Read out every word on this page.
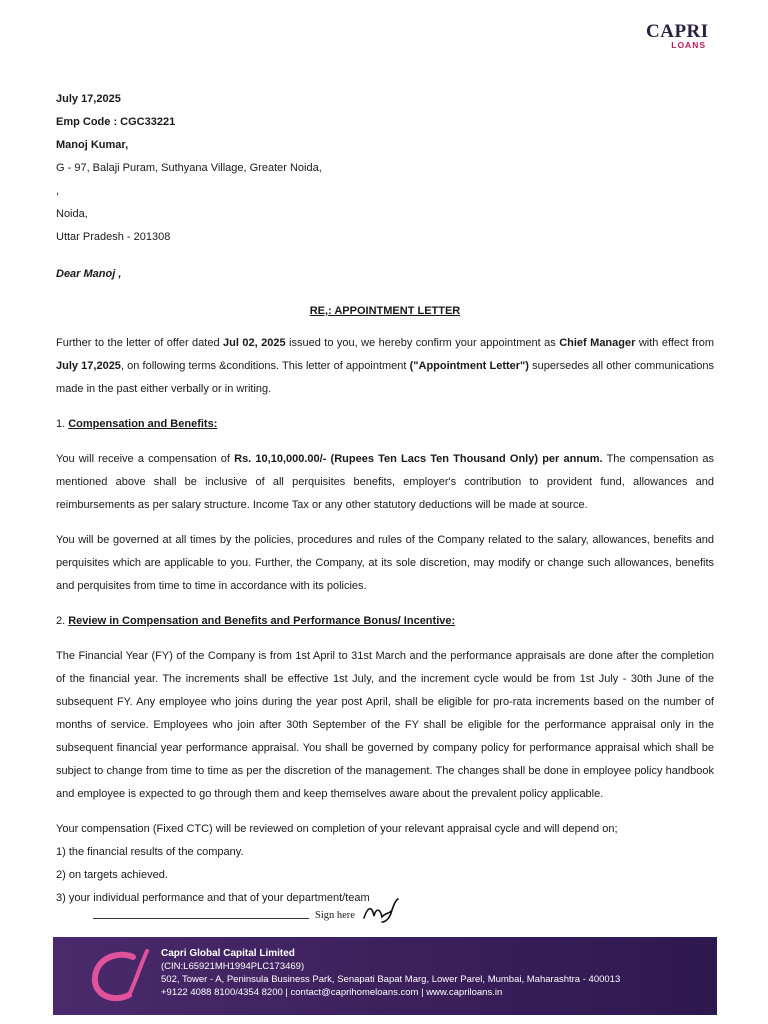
CAPRI
LOANS

July 17,2025

Emp Code : CGC33221

Manoj Kumar,

G - 97, Balaji Puram, Suthyana Village, Greater Noida,

,

Noida,

Uttar Pradesh - 201308

Dear Manoj ,

RE,: APPOINTMENT LETTER

Further to the letter of offer dated Jul 02, 2025 issued to you, we hereby confirm your appointment as Chief Manager with effect from July 17,2025, on following terms &conditions. This letter of appointment ("Appointment Letter") supersedes all other communications made in the past either verbally or in writing.

1. Compensation and Benefits:

You will receive a compensation of Rs. 10,10,000.00/- (Rupees Ten Lacs Ten Thousand Only) per annum. The compensation as mentioned above shall be inclusive of all perquisites benefits, employer's contribution to provident fund, allowances and reimbursements as per salary structure. Income Tax or any other statutory deductions will be made at source.

You will be governed at all times by the policies, procedures and rules of the Company related to the salary, allowances, benefits and perquisites which are applicable to you. Further, the Company, at its sole discretion, may modify or change such allowances, benefits and perquisites from time to time in accordance with its policies.

2. Review in Compensation and Benefits and Performance Bonus/ Incentive:

The Financial Year (FY) of the Company is from 1st April to 31st March and the performance appraisals are done after the completion of the financial year. The increments shall be effective 1st July, and the increment cycle would be from 1st July - 30th June of the subsequent FY. Any employee who joins during the year post April, shall be eligible for pro-rata increments based on the number of months of service. Employees who join after 30th September of the FY shall be eligible for the performance appraisal only in the subsequent financial year performance appraisal. You shall be governed by company policy for performance appraisal which shall be subject to change from time to time as per the discretion of the management. The changes shall be done in employee policy handbook and employee is expected to go through them and keep themselves aware about the prevalent policy applicable.

Your compensation (Fixed CTC) will be reviewed on completion of your relevant appraisal cycle and will depend on;

1) the financial results of the company.

2) on targets achieved.

3) your individual performance and that of your department/team

Sign here

Capri Global Capital Limited

(CIN:L65921MH1994PLC173469)

502, Tower - A, Peninsula Business Park, Senapati Bapat Marg, Lower Parel, Mumbai, Maharashtra - 400013

+9122 4088 8100/4354 8200 | contact@caprihomeloans.com | www.capriloans.in
